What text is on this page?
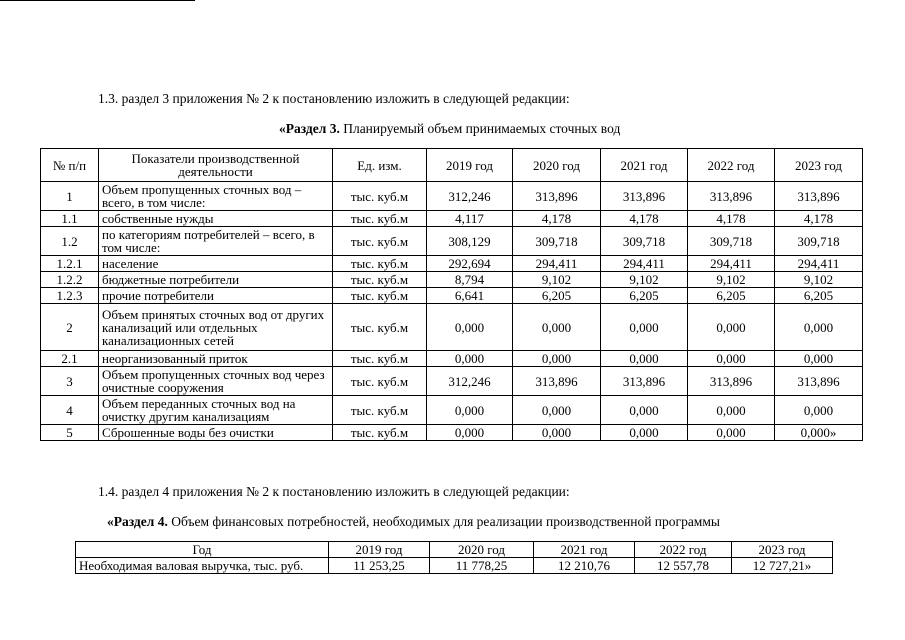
1.3. раздел 3 приложения № 2 к постановлению изложить в следующей редакции:
«Раздел 3. Планируемый объем принимаемых сточных вод
№ п/п	Показатели производственной деятельности	Ед. изм.	2019 год	2020 год	2021 год	2022 год	2023 год
1	Объем пропущенных сточных вод – всего, в том числе:	тыс. куб.м	312,246	313,896	313,896	313,896	313,896
1.1	собственные нужды	тыс. куб.м	4,117	4,178	4,178	4,178	4,178
1.2	по категориям потребителей – всего, в том числе:	тыс. куб.м	308,129	309,718	309,718	309,718	309,718
1.2.1	население	тыс. куб.м	292,694	294,411	294,411	294,411	294,411
1.2.2	бюджетные потребители	тыс. куб.м	8,794	9,102	9,102	9,102	9,102
1.2.3	прочие потребители	тыс. куб.м	6,641	6,205	6,205	6,205	6,205
2	Объем принятых сточных вод от других канализаций или отдельных канализационных сетей	тыс. куб.м	0,000	0,000	0,000	0,000	0,000
2.1	неорганизованный приток	тыс. куб.м	0,000	0,000	0,000	0,000	0,000
3	Объем пропущенных сточных вод через очистные сооружения	тыс. куб.м	312,246	313,896	313,896	313,896	313,896
4	Объем переданных сточных вод на очистку другим канализациям	тыс. куб.м	0,000	0,000	0,000	0,000	0,000
5	Сброшенные воды без очистки	тыс. куб.м	0,000	0,000	0,000	0,000	0,000»
1.4. раздел 4 приложения № 2 к постановлению изложить в следующей редакции:
«Раздел 4. Объем финансовых потребностей, необходимых для реализации производственной программы
Год	2019 год	2020 год	2021 год	2022 год	2023 год
Необходимая валовая выручка, тыс. руб.	11 253,25	11 778,25	12 210,76	12 557,78	12 727,21»
